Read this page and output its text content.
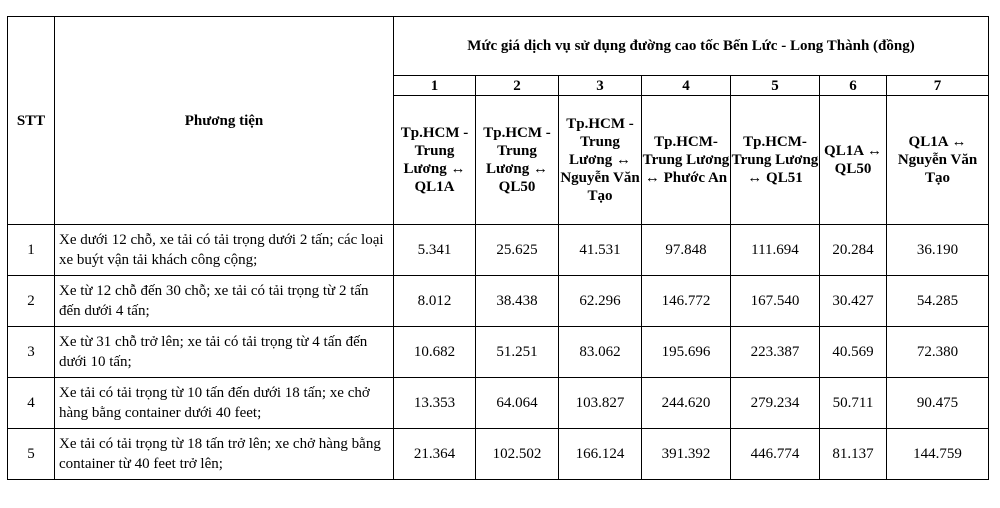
STT	Phương tiện	Mức giá dịch vụ sử dụng đường cao tốc Bến Lức - Long Thành (đồng)						
		1	2	3	4	5	6	7
		Tp.HCM - Trung Lương ↔ QL1A	Tp.HCM - Trung Lương ↔ QL50	Tp.HCM - Trung Lương ↔ Nguyễn Văn Tạo	Tp.HCM- Trung Lương ↔ Phước An	Tp.HCM- Trung Lương ↔ QL51	QL1A ↔ QL50	QL1A ↔ Nguyễn Văn Tạo
1	Xe dưới 12 chỗ, xe tải có tải trọng dưới 2 tấn; các loại xe buýt vận tải khách công cộng;	5.341	25.625	41.531	97.848	111.694	20.284	36.190
2	Xe từ 12 chỗ đến 30 chỗ; xe tải có tải trọng từ 2 tấn đến dưới 4 tấn;	8.012	38.438	62.296	146.772	167.540	30.427	54.285
3	Xe từ 31 chỗ trở lên; xe tải có tải trọng từ 4 tấn đến dưới 10 tấn;	10.682	51.251	83.062	195.696	223.387	40.569	72.380
4	Xe tải có tải trọng từ 10 tấn đến dưới 18 tấn; xe chở hàng bằng container dưới 40 feet;	13.353	64.064	103.827	244.620	279.234	50.711	90.475
5	Xe tải có tải trọng từ 18 tấn trở lên; xe chở hàng bằng container từ 40 feet trở lên;	21.364	102.502	166.124	391.392	446.774	81.137	144.759
